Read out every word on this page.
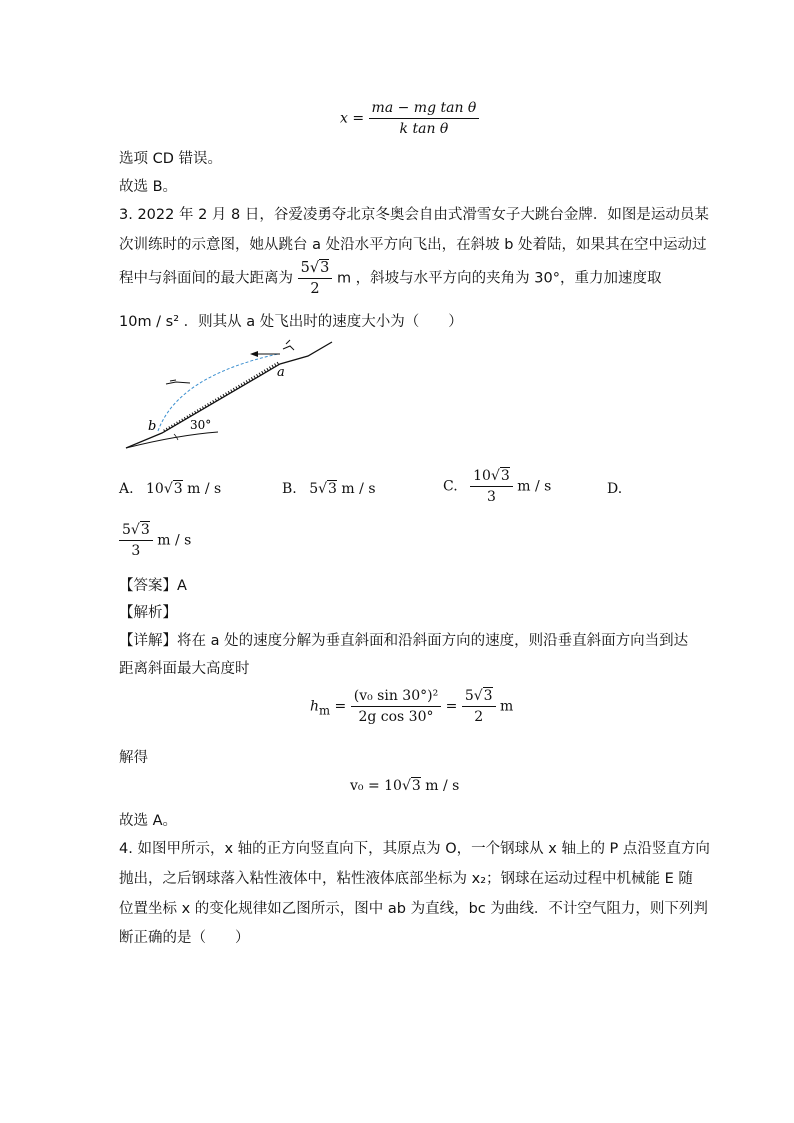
$x = \frac{\text{ma − mg tan θ}}{\text{k tan θ}}$
选项 CD 错误。
故选 B。
3. 2022 年 2 月 8 日，谷爱凌勇夺北京冬奥会自由式滑雪女子大跳台金牌．如图是运动员某
次训练时的示意图，她从跳台 a 处沿水平方向飞出，在斜坡 b 处着陆，如果其在空中运动过
程中与斜面间的最大距离为 $\frac{5√3}{2}$ m ，斜坡与水平方向的夹角为 30°，重力加速度取
10m / s² ．则其从 a 处飞出时的速度大小为（　　）
a
b	30°
A. 10√3 m / s	B. 5√3 m / s	C. $\frac{10√3}{3}$ m / s	D.
$\frac{5√3}{3}$ m / s
【答案】A
【解析】
【详解】将在 a 处的速度分解为垂直斜面和沿斜面方向的速度，则沿垂直斜面方向当到达
距离斜面最大高度时
$h_m = \frac{\text{(v₀ sin 30°)²}}{\text{2g cos 30°}} = \frac{5√3}{2}$ m
解得
v₀ = 10√3 m / s
故选 A。
4. 如图甲所示，x 轴的正方向竖直向下，其原点为 O，一个钢球从 x 轴上的 P 点沿竖直方向
抛出，之后钢球落入粘性液体中，粘性液体底部坐标为 x₂；钢球在运动过程中机械能 E 随
位置坐标 x 的变化规律如乙图所示，图中 ab 为直线，bc 为曲线．不计空气阻力，则下列判
断正确的是（　　）
